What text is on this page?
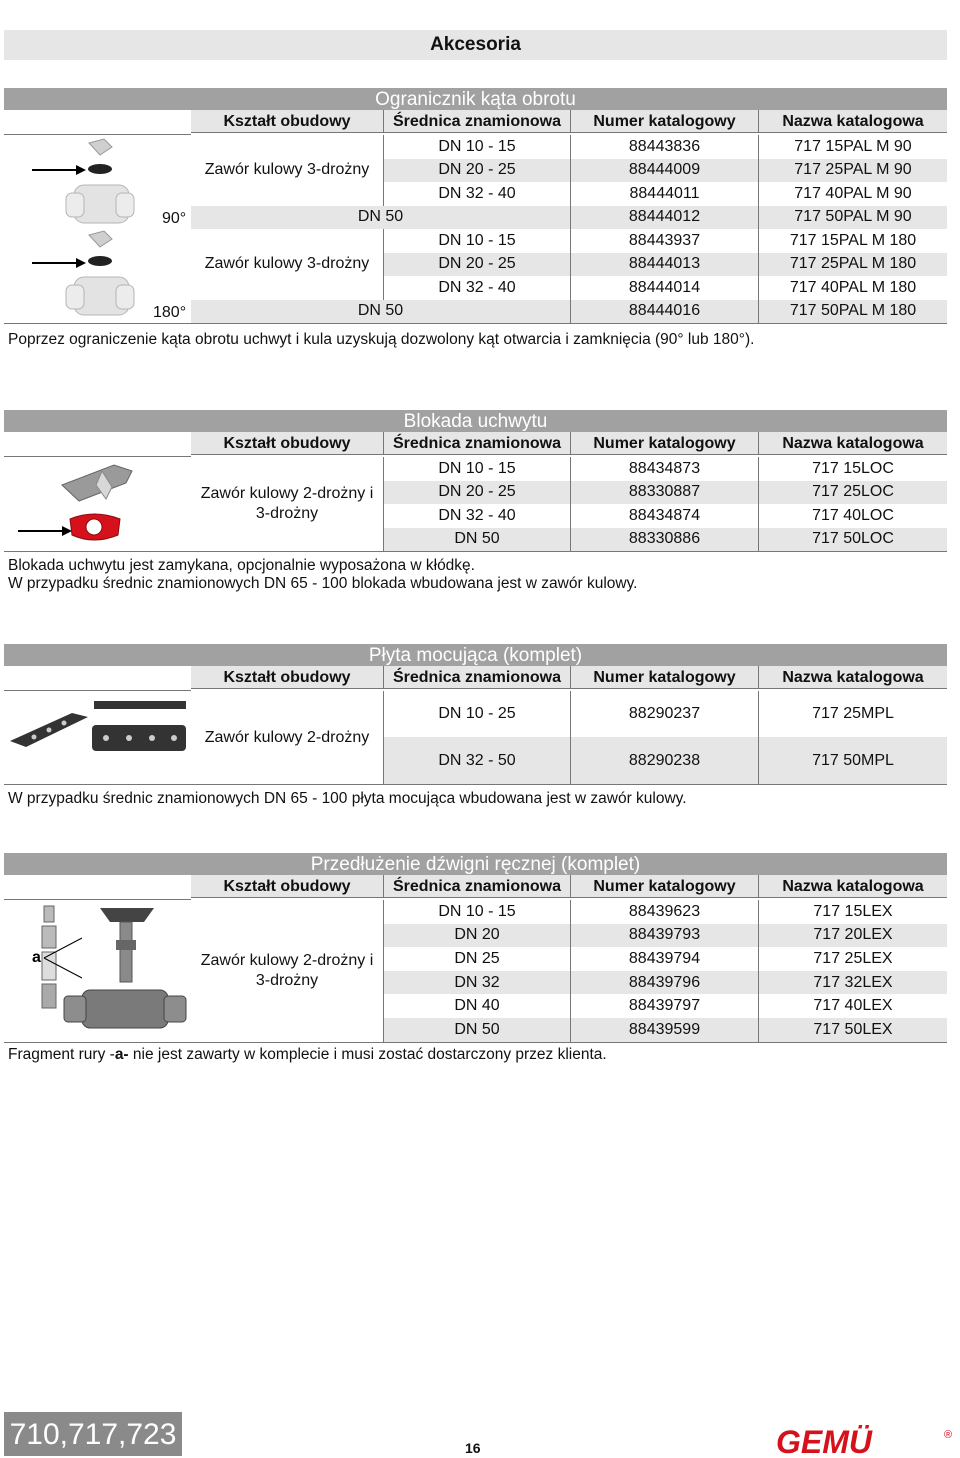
Akcesoria
Ogranicznik kąta obrotu
Kształt obudowy	Średnica znamionowa	Numer katalogowy	Nazwa katalogowa
Zawór kulowy 3-drożny
90°
Zawór kulowy 3-drożny
180°
DN 10 - 15	88443836	717 15PAL M 90
DN 20 - 25	88444009	717 25PAL M 90
DN 32 - 40	88444011	717 40PAL M 90
DN 50	88444012	717 50PAL M 90
DN 10 - 15	88443937	717 15PAL M 180
DN 20 - 25	88444013	717 25PAL M 180
DN 32 - 40	88444014	717 40PAL M 180
DN 50	88444016	717 50PAL M 180
Poprzez ograniczenie kąta obrotu uchwyt i kula uzyskują dozwolony kąt otwarcia i zamknięcia (90° lub 180°).
Blokada uchwytu
Kształt obudowy	Średnica znamionowa	Numer katalogowy	Nazwa katalogowa
Zawór kulowy 2-drożny i 3-drożny
DN 10 - 15	88434873	717 15LOC
DN 20 - 25	88330887	717 25LOC
DN 32 - 40	88434874	717 40LOC
DN 50	88330886	717 50LOC
Blokada uchwytu jest zamykana, opcjonalnie wyposażona w kłódkę.
W przypadku średnic znamionowych DN 65 - 100 blokada wbudowana jest w zawór kulowy.
Płyta mocująca (komplet)
Kształt obudowy	Średnica znamionowa	Numer katalogowy	Nazwa katalogowa
Zawór kulowy 2-drożny
DN 10 - 25	88290237	717 25MPL
DN 32 - 50	88290238	717 50MPL
W przypadku średnic znamionowych DN 65 - 100 płyta mocująca wbudowana jest w zawór kulowy.
Przedłużenie dźwigni ręcznej (komplet)
Kształt obudowy	Średnica znamionowa	Numer katalogowy	Nazwa katalogowa
a	Zawór kulowy 2-drożny i 3-drożny
DN 10 - 15	88439623	717 15LEX
DN 20	88439793	717 20LEX
DN 25	88439794	717 25LEX
DN 32	88439796	717 32LEX
DN 40	88439797	717 40LEX
DN 50	88439599	717 50LEX
Fragment rury -a- nie jest zawarty w komplecie i musi zostać dostarczony przez klienta.
710,717,723	16	GEMÜ	®
